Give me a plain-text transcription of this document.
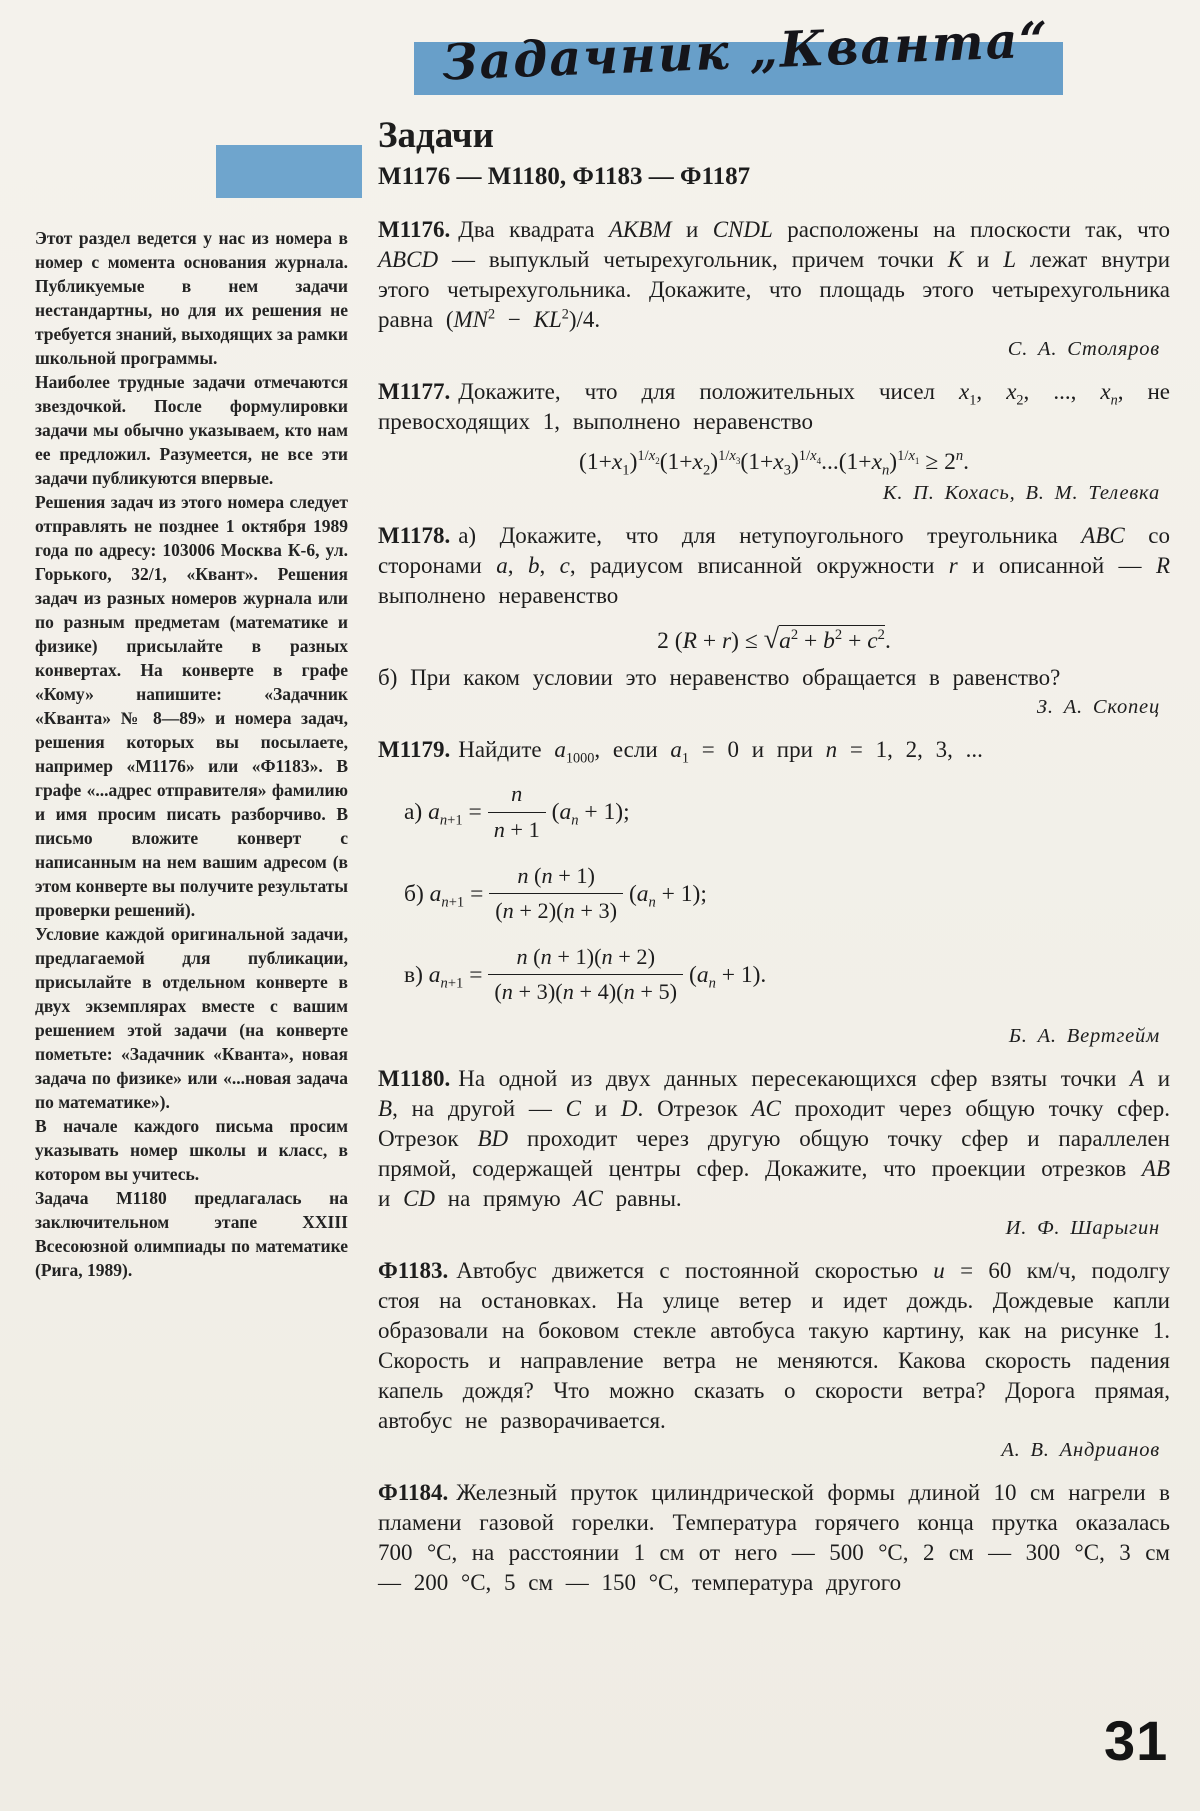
Задачник „Кванта“

Этот раздел ведется у нас из номера в номер с момента основания журнала. Публикуемые в нем задачи нестандартны, но для их решения не требуется знаний, выходящих за рамки школьной программы.

Наиболее трудные задачи отмечаются звездочкой. После формулировки задачи мы обычно указываем, кто нам ее предложил. Разумеется, не все эти задачи публикуются впервые.

Решения задач из этого номера следует отправлять не позднее 1 октября 1989 года по адресу: 103006 Москва К-6, ул. Горького, 32/1, «Квант». Решения задач из разных номеров журнала или по разным предметам (математике и физике) присылайте в разных конвертах. На конверте в графе «Кому» напишите: «Задачник «Кванта» № 8—89» и номера задач, решения которых вы посылаете, например «М1176» или «Ф1183». В графе «...адрес отправителя» фамилию и имя просим писать разборчиво. В письмо вложите конверт с написанным на нем вашим адресом (в этом конверте вы получите результаты проверки решений).

Условие каждой оригинальной задачи, предлагаемой для публикации, присылайте в отдельном конверте в двух экземплярах вместе с вашим решением этой задачи (на конверте пометьте: «Задачник «Кванта», новая задача по физике» или «...новая задача по математике»).

В начале каждого письма просим указывать номер школы и класс, в котором вы учитесь.

Задача М1180 предлагалась на заключительном этапе XXIII Всесоюзной олимпиады по математике (Рига, 1989).

Задачи
М1176 — М1180, Ф1183 — Ф1187

М1176. Два квадрата AKBM и CNDL расположены на плоскости так, что ABCD — выпуклый четырехугольник, причем точки K и L лежат внутри этого четырехугольника. Докажите, что площадь этого четырехугольника равна $(MN^2 - KL^2)/4$.

С. А. Столяров

М1177. Докажите, что для положительных чисел $x_1$, $x_2$, ..., $x_n$, не превосходящих 1, выполнено неравенство

$(1+x_1)^{1/x_2}(1+x_2)^{1/x_3}(1+x_3)^{1/x_4}...(1+x_n)^{1/x_1} \ge 2^n$.
К. П. Кохась, В. М. Телевка

М1178. а) Докажите, что для нетупоугольного треугольника ABC со сторонами a, b, c, радиусом вписанной окружности r и описанной — R выполнено неравенство

2 $(R + r) \le √a^2 + b^2 + c^2$.

б) При каком условии это неравенство обращается в равенство?

З. А. Скопец

М1179. Найдите $a_{1000}$, если $a_1 = 0$ и при n = 1, 2, 3, ...

а) $a_{n+1} = \frac{n}{n + 1} (a_n + 1)$;
б) $a_{n+1} = \frac{n (n + 1)}{(n + 2)(n + 3)} (a_n + 1)$;
в) $a_{n+1} = \frac{n (n + 1)(n + 2)}{(n + 3)(n + 4)(n + 5)} (a_n + 1)$.
Б. А. Вертгейм

М1180. На одной из двух данных пересекающихся сфер взяты точки A и B, на другой — C и D. Отрезок AC проходит через общую точку сфер. Отрезок BD проходит через другую общую точку сфер и параллелен прямой, содержащей центры сфер. Докажите, что проекции отрезков AB и CD на прямую AC равны.

И. Ф. Шарыгин

Ф1183. Автобус движется с постоянной скоростью u = 60 км/ч, подолгу стоя на остановках. На улице ветер и идет дождь. Дождевые капли образовали на боковом стекле автобуса такую картину, как на рисунке 1. Скорость и направление ветра не меняются. Какова скорость падения капель дождя? Что можно сказать о скорости ветра? Дорога прямая, автобус не разворачивается.

А. В. Андрианов

Ф1184. Железный пруток цилиндрической формы длиной 10 см нагрели в пламени газовой горелки. Температура горячего конца прутка оказалась 700 °C, на расстоянии 1 см от него — 500 °C, 2 см — 300 °C, 3 см — 200 °C, 5 см — 150 °C, температура другого

31
